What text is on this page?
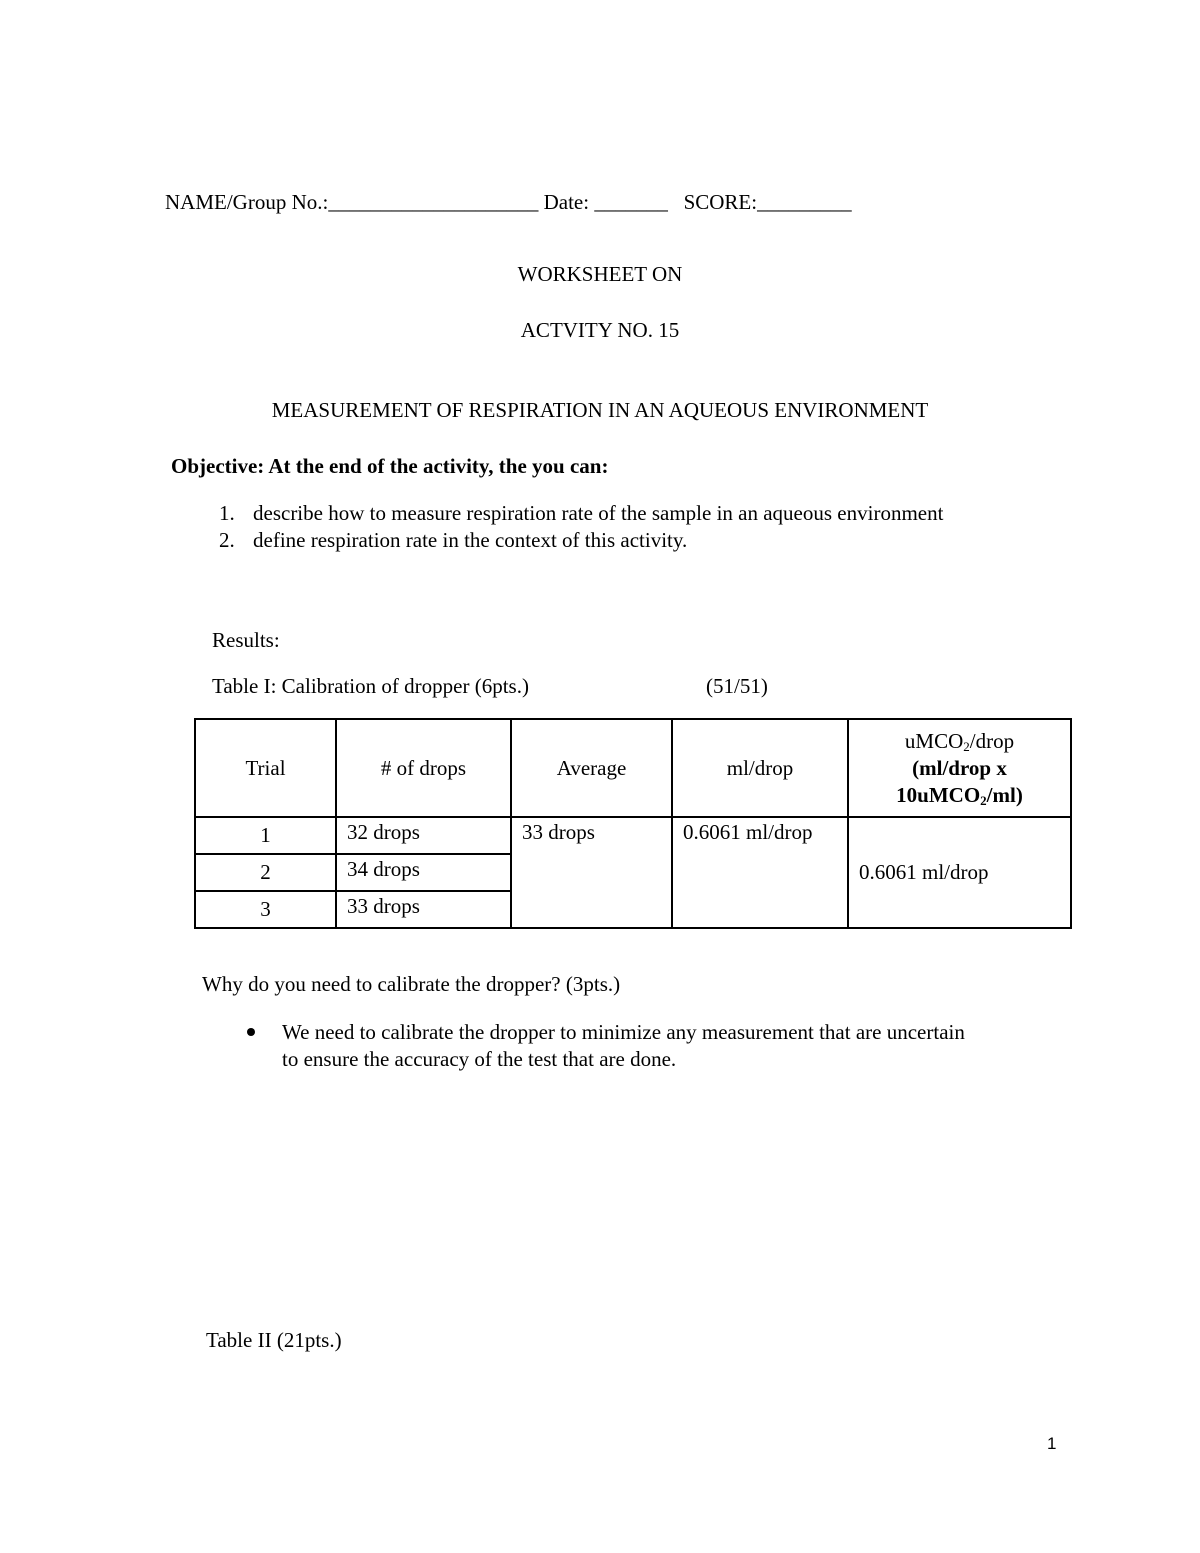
NAME/Group No.:____________________ Date: _______ SCORE:_________
WORKSHEET ON
ACTVITY NO. 15
MEASUREMENT OF RESPIRATION IN AN AQUEOUS ENVIRONMENT
Objective: At the end of the activity, the you can:
1. describe how to measure respiration rate of the sample in an aqueous environment
2. define respiration rate in the context of this activity.
Results:
Table I: Calibration of dropper (6pts.)	(51/51)
Trial	# of drops	Average	ml/drop	uMCO$_2$/drop
(ml/drop x
10uMCO$_2$/ml)

1	32 drops	33 drops	0.6061 ml/drop	0.6061 ml/drop
2	34 drops			
3	33 drops			
Why do you need to calibrate the dropper? (3pts.)
We need to calibrate the dropper to minimize any measurement that are uncertain
to ensure the accuracy of the test that are done.
Table II (21pts.)
1
